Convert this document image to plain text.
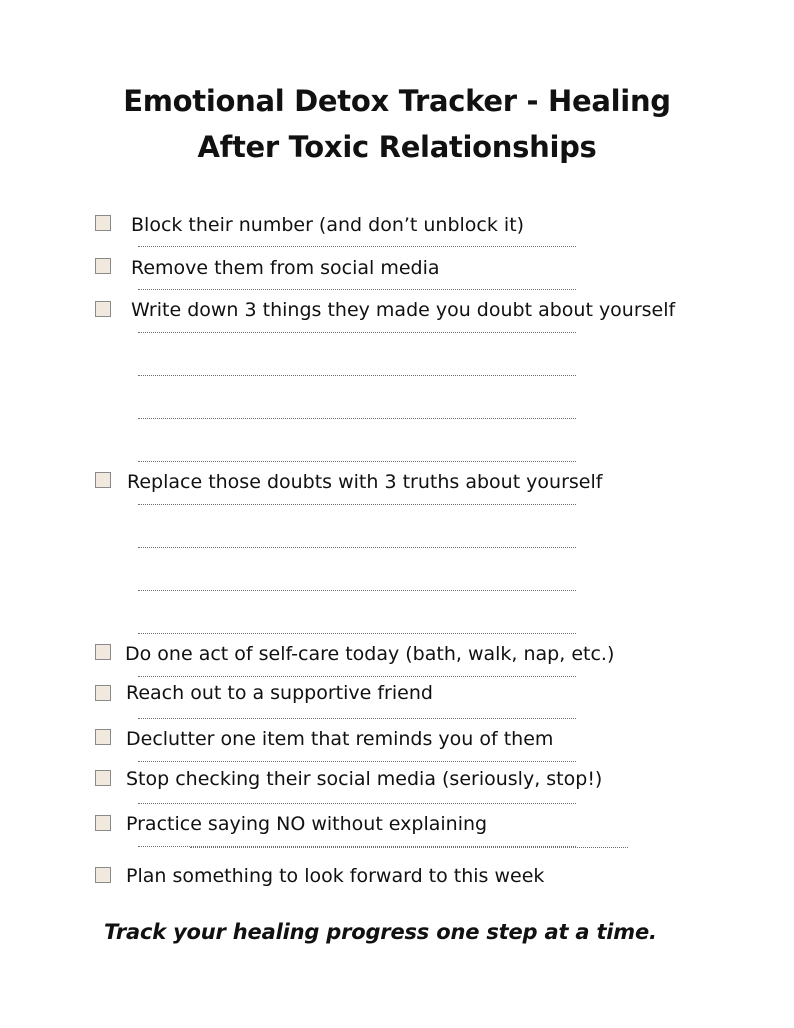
Emotional Detox Tracker - Healing
After Toxic Relationships
Block their number (and don’t unblock it)
Remove them from social media
Write down 3 things they made you doubt about yourself
Replace those doubts with 3 truths about yourself
Do one act of self-care today (bath, walk, nap, etc.)
Reach out to a supportive friend
Declutter one item that reminds you of them
Stop checking their social media (seriously, stop!)
Practice saying NO without explaining
Plan something to look forward to this week

Track your healing progress one step at a time.
